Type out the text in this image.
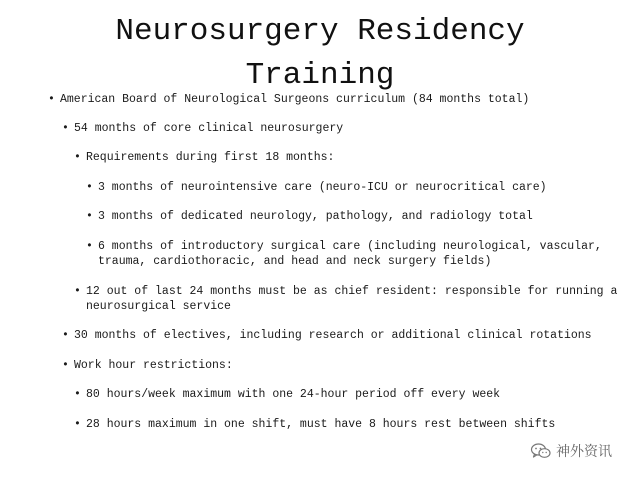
Neurosurgery Residency
Training
• American Board of Neurological Surgeons curriculum (84 months total)
• 54 months of core clinical neurosurgery
• Requirements during first 18 months:
• 3 months of neurointensive care (neuro-ICU or neurocritical care)
• 3 months of dedicated neurology, pathology, and radiology total
• 6 months of introductory surgical care (including neurological, vascular,
trauma, cardiothoracic, and head and neck surgery fields)
• 12 out of last 24 months must be as chief resident: responsible for running a
neurosurgical service
• 30 months of electives, including research or additional clinical rotations
• Work hour restrictions:
• 80 hours/week maximum with one 24-hour period off every week
• 28 hours maximum in one shift, must have 8 hours rest between shifts
神外资讯
